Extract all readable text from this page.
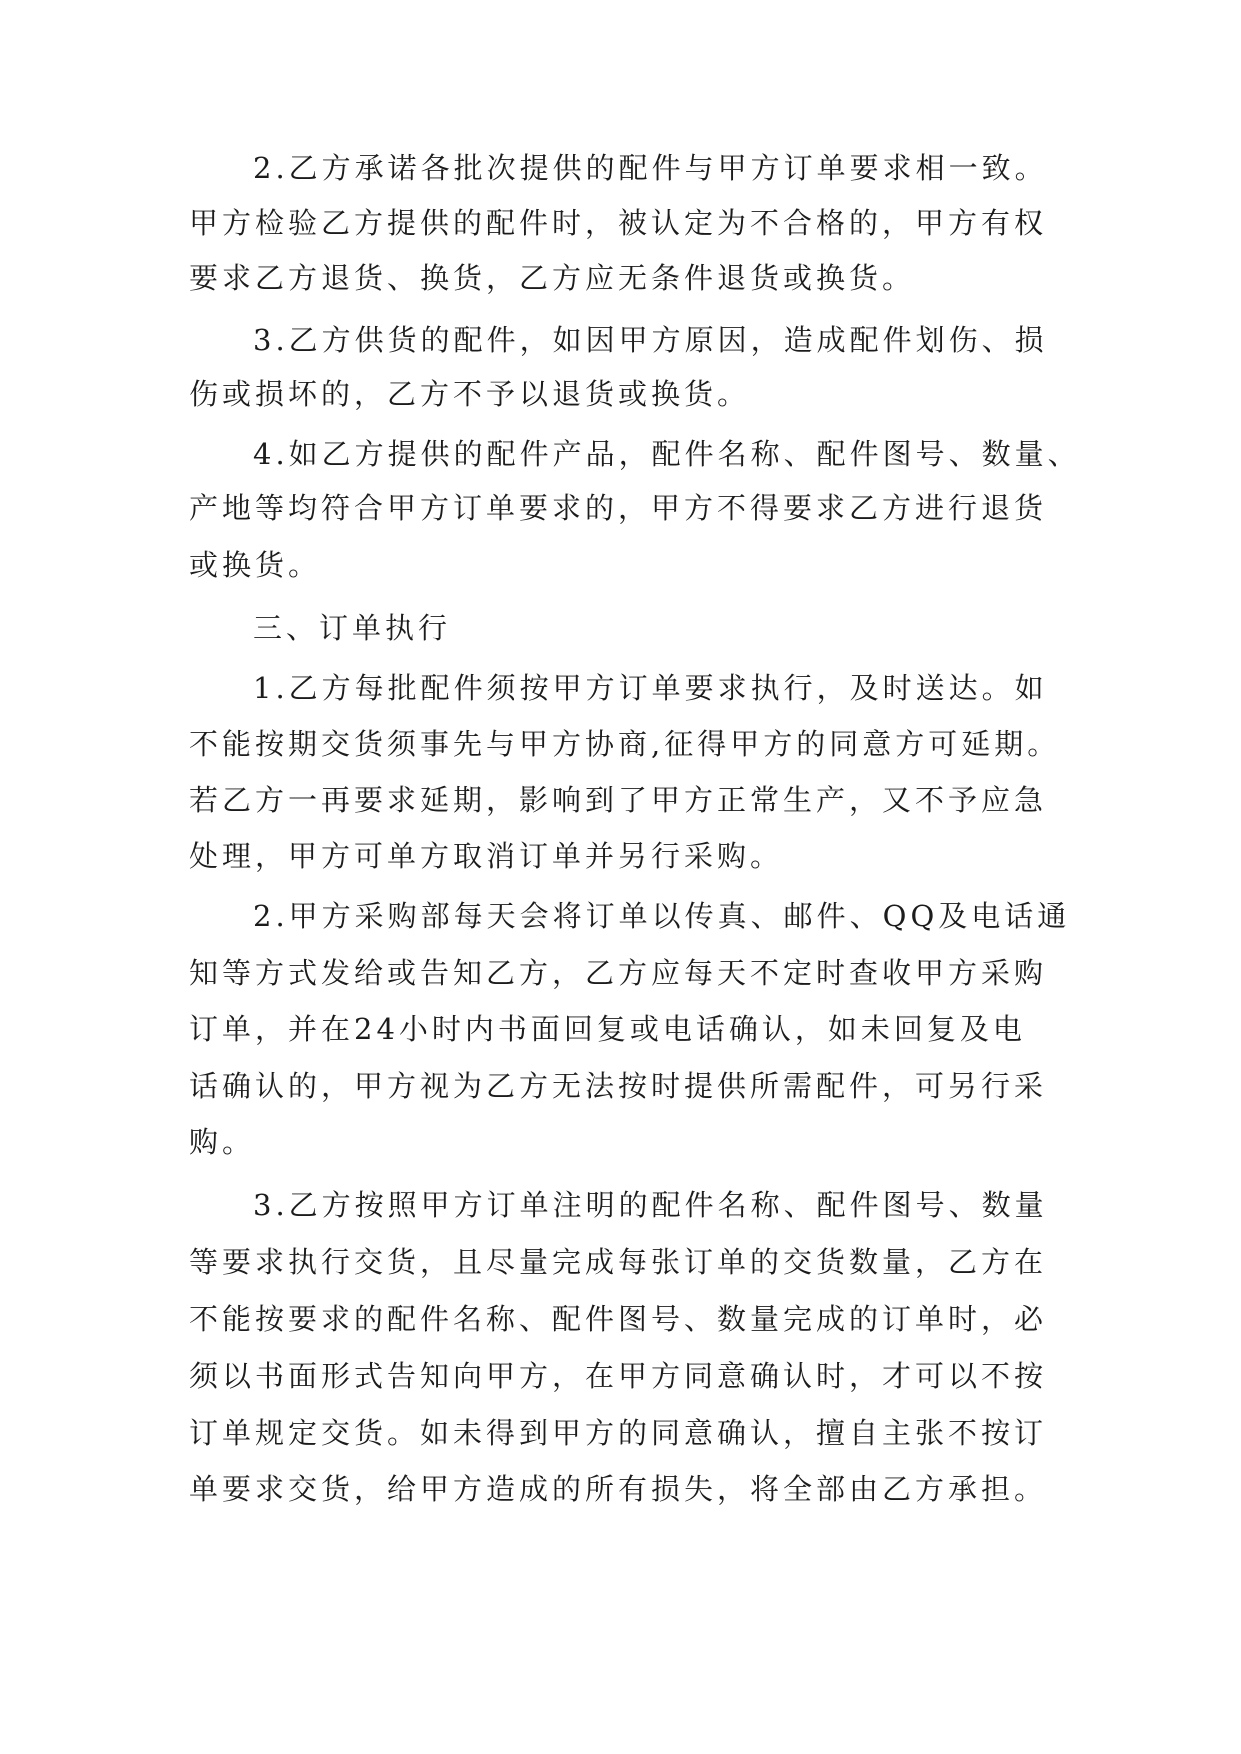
2.乙方承诺各批次提供的配件与甲方订单要求相一致。
甲方检验乙方提供的配件时，被认定为不合格的，甲方有权
要求乙方退货、换货，乙方应无条件退货或换货。
3.乙方供货的配件，如因甲方原因，造成配件划伤、损
伤或损坏的，乙方不予以退货或换货。
4.如乙方提供的配件产品，配件名称、配件图号、数量、
产地等均符合甲方订单要求的，甲方不得要求乙方进行退货
或换货。
三、订单执行
1.乙方每批配件须按甲方订单要求执行，及时送达。如
不能按期交货须事先与甲方协商,征得甲方的同意方可延期。
若乙方一再要求延期，影响到了甲方正常生产，又不予应急
处理，甲方可单方取消订单并另行采购。
2.甲方采购部每天会将订单以传真、邮件、QQ及电话通
知等方式发给或告知乙方，乙方应每天不定时查收甲方采购
订单，并在24小时内书面回复或电话确认，如未回复及电
话确认的，甲方视为乙方无法按时提供所需配件，可另行采
购。
3.乙方按照甲方订单注明的配件名称、配件图号、数量
等要求执行交货，且尽量完成每张订单的交货数量，乙方在
不能按要求的配件名称、配件图号、数量完成的订单时，必
须以书面形式告知向甲方，在甲方同意确认时，才可以不按
订单规定交货。如未得到甲方的同意确认，擅自主张不按订
单要求交货，给甲方造成的所有损失，将全部由乙方承担。
